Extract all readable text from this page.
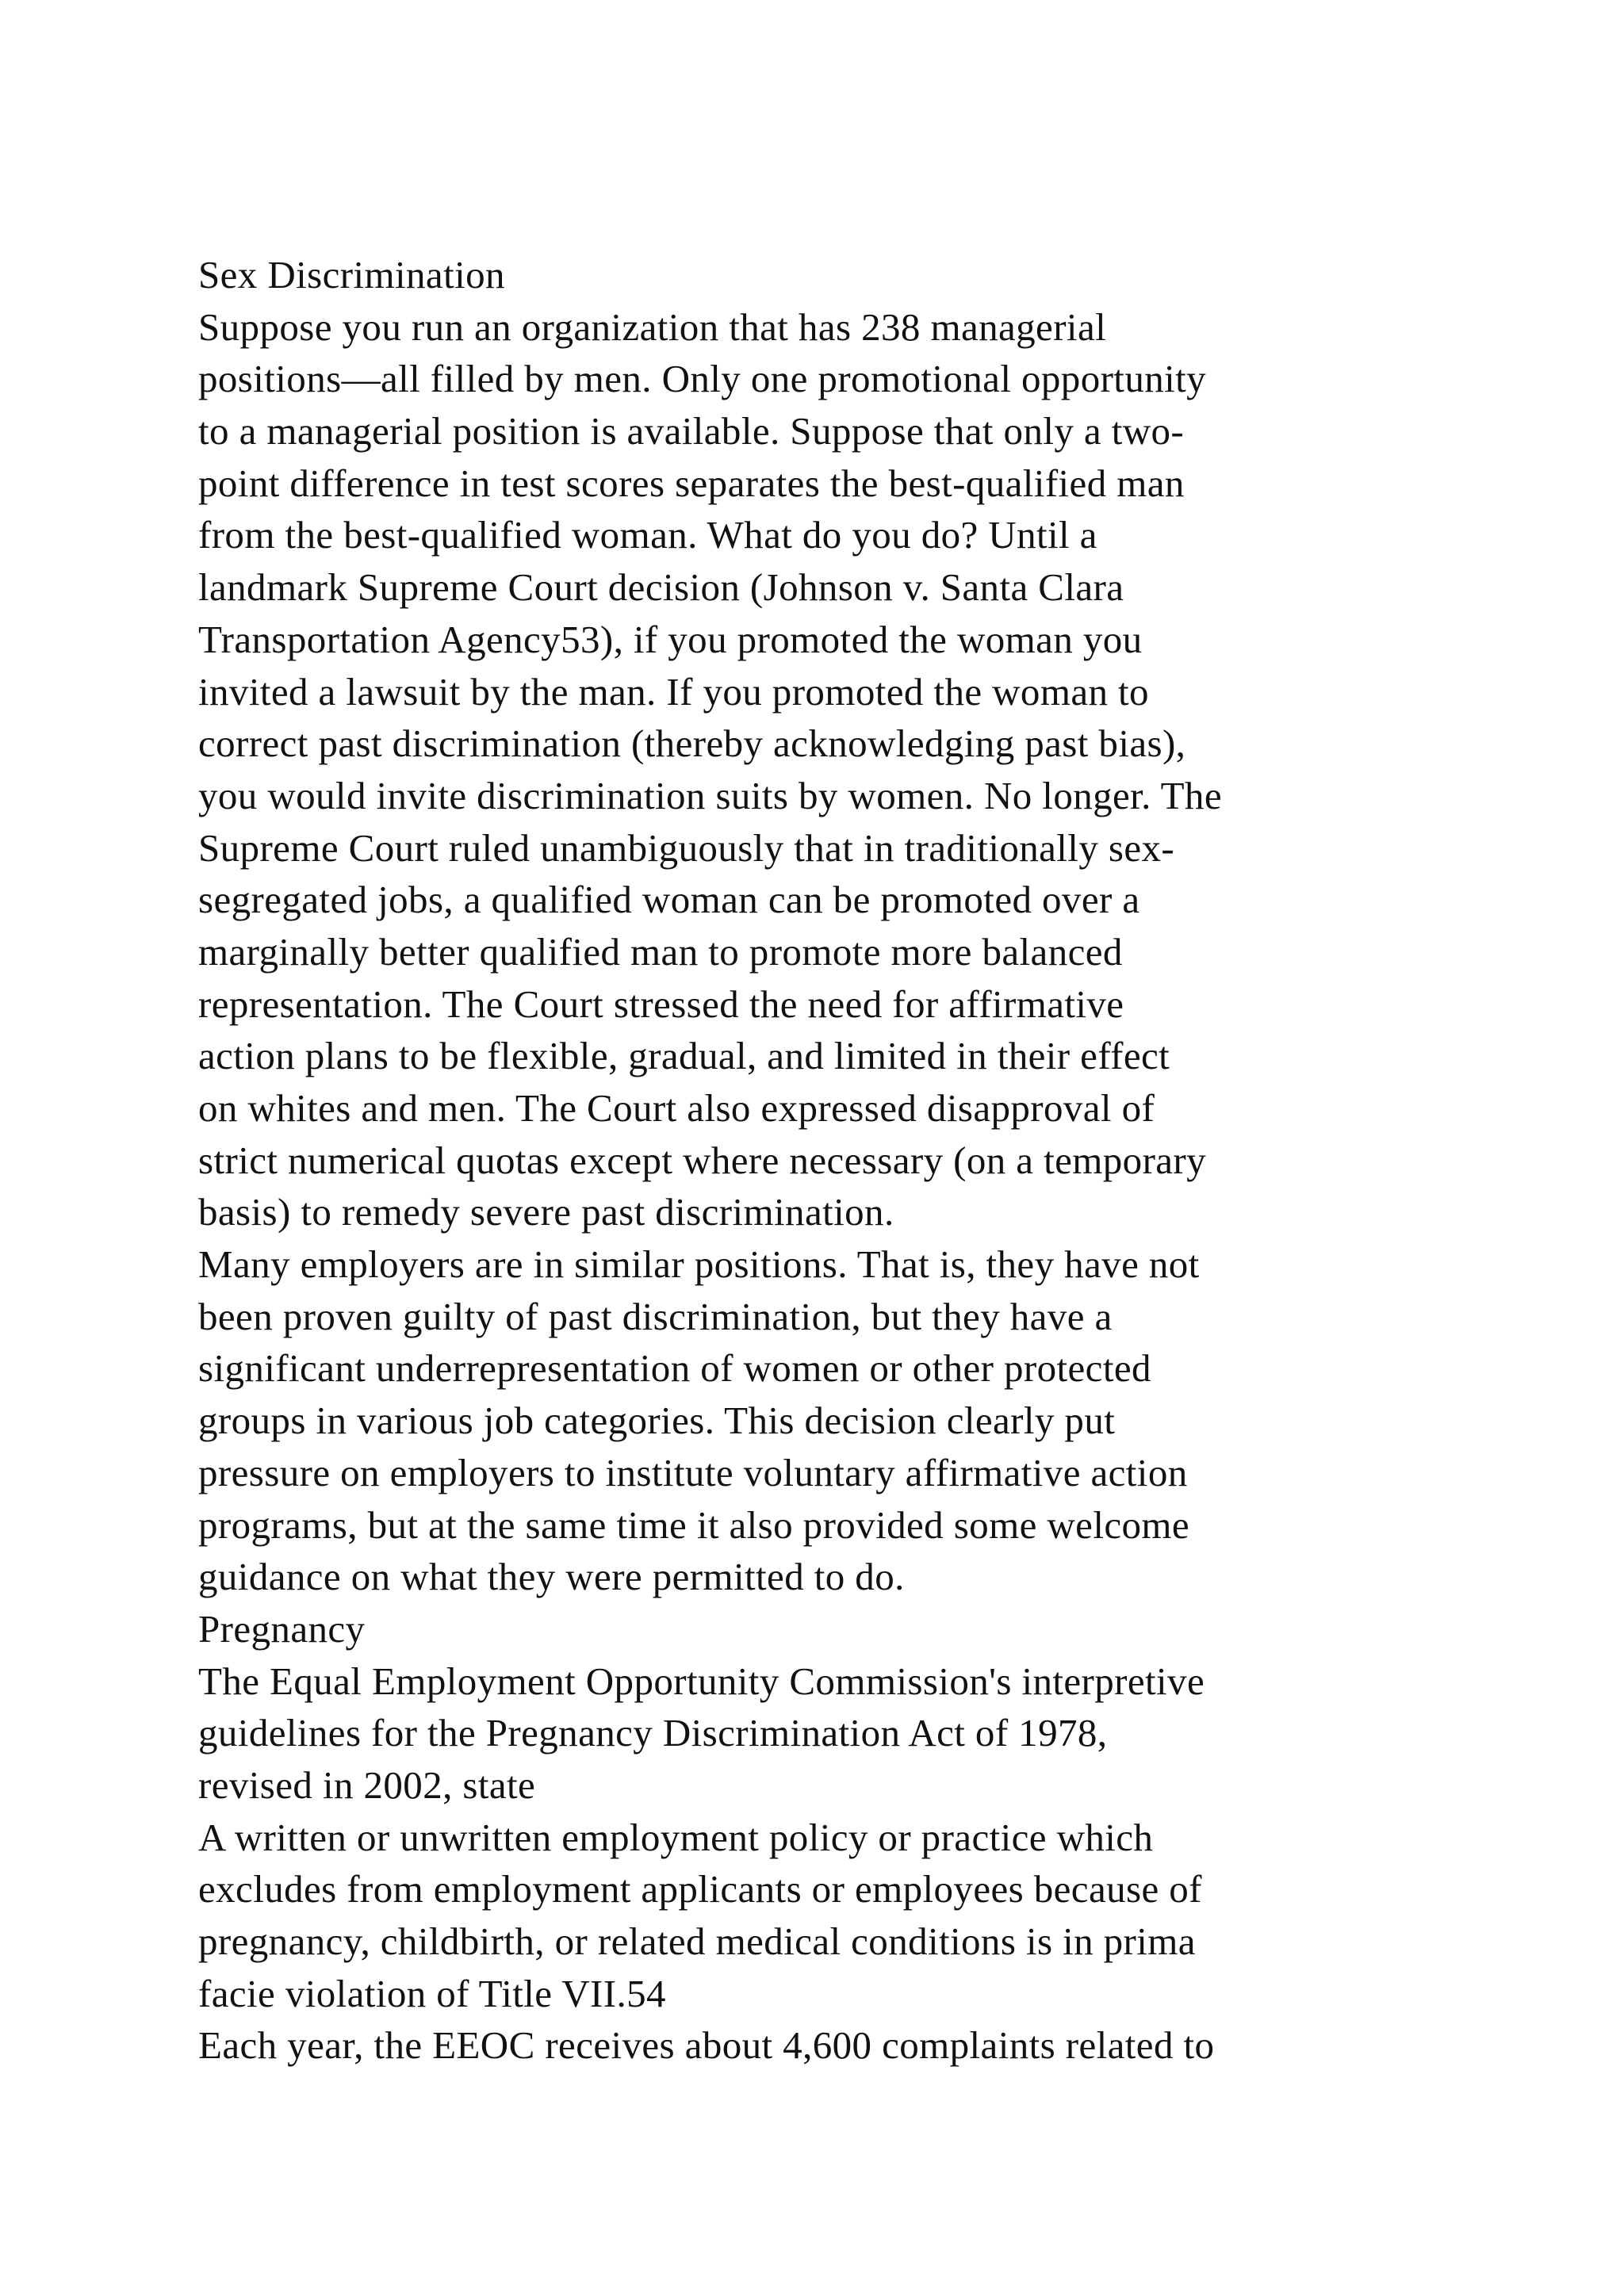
Sex Discrimination
Suppose you run an organization that has 238 managerial
positions—all filled by men. Only one promotional opportunity
to a managerial position is available. Suppose that only a two-
point difference in test scores separates the best-qualified man
from the best-qualified woman. What do you do? Until a
landmark Supreme Court decision (Johnson v. Santa Clara
Transportation Agency53), if you promoted the woman you
invited a lawsuit by the man. If you promoted the woman to
correct past discrimination (thereby acknowledging past bias),
you would invite discrimination suits by women. No longer. The
Supreme Court ruled unambiguously that in traditionally sex-
segregated jobs, a qualified woman can be promoted over a
marginally better qualified man to promote more balanced
representation. The Court stressed the need for affirmative
action plans to be flexible, gradual, and limited in their effect
on whites and men. The Court also expressed disapproval of
strict numerical quotas except where necessary (on a temporary
basis) to remedy severe past discrimination.
Many employers are in similar positions. That is, they have not
been proven guilty of past discrimination, but they have a
significant underrepresentation of women or other protected
groups in various job categories. This decision clearly put
pressure on employers to institute voluntary affirmative action
programs, but at the same time it also provided some welcome
guidance on what they were permitted to do.
Pregnancy
The Equal Employment Opportunity Commission's interpretive
guidelines for the Pregnancy Discrimination Act of 1978,
revised in 2002, state
A written or unwritten employment policy or practice which
excludes from employment applicants or employees because of
pregnancy, childbirth, or related medical conditions is in prima
facie violation of Title VII.54
Each year, the EEOC receives about 4,600 complaints related to
